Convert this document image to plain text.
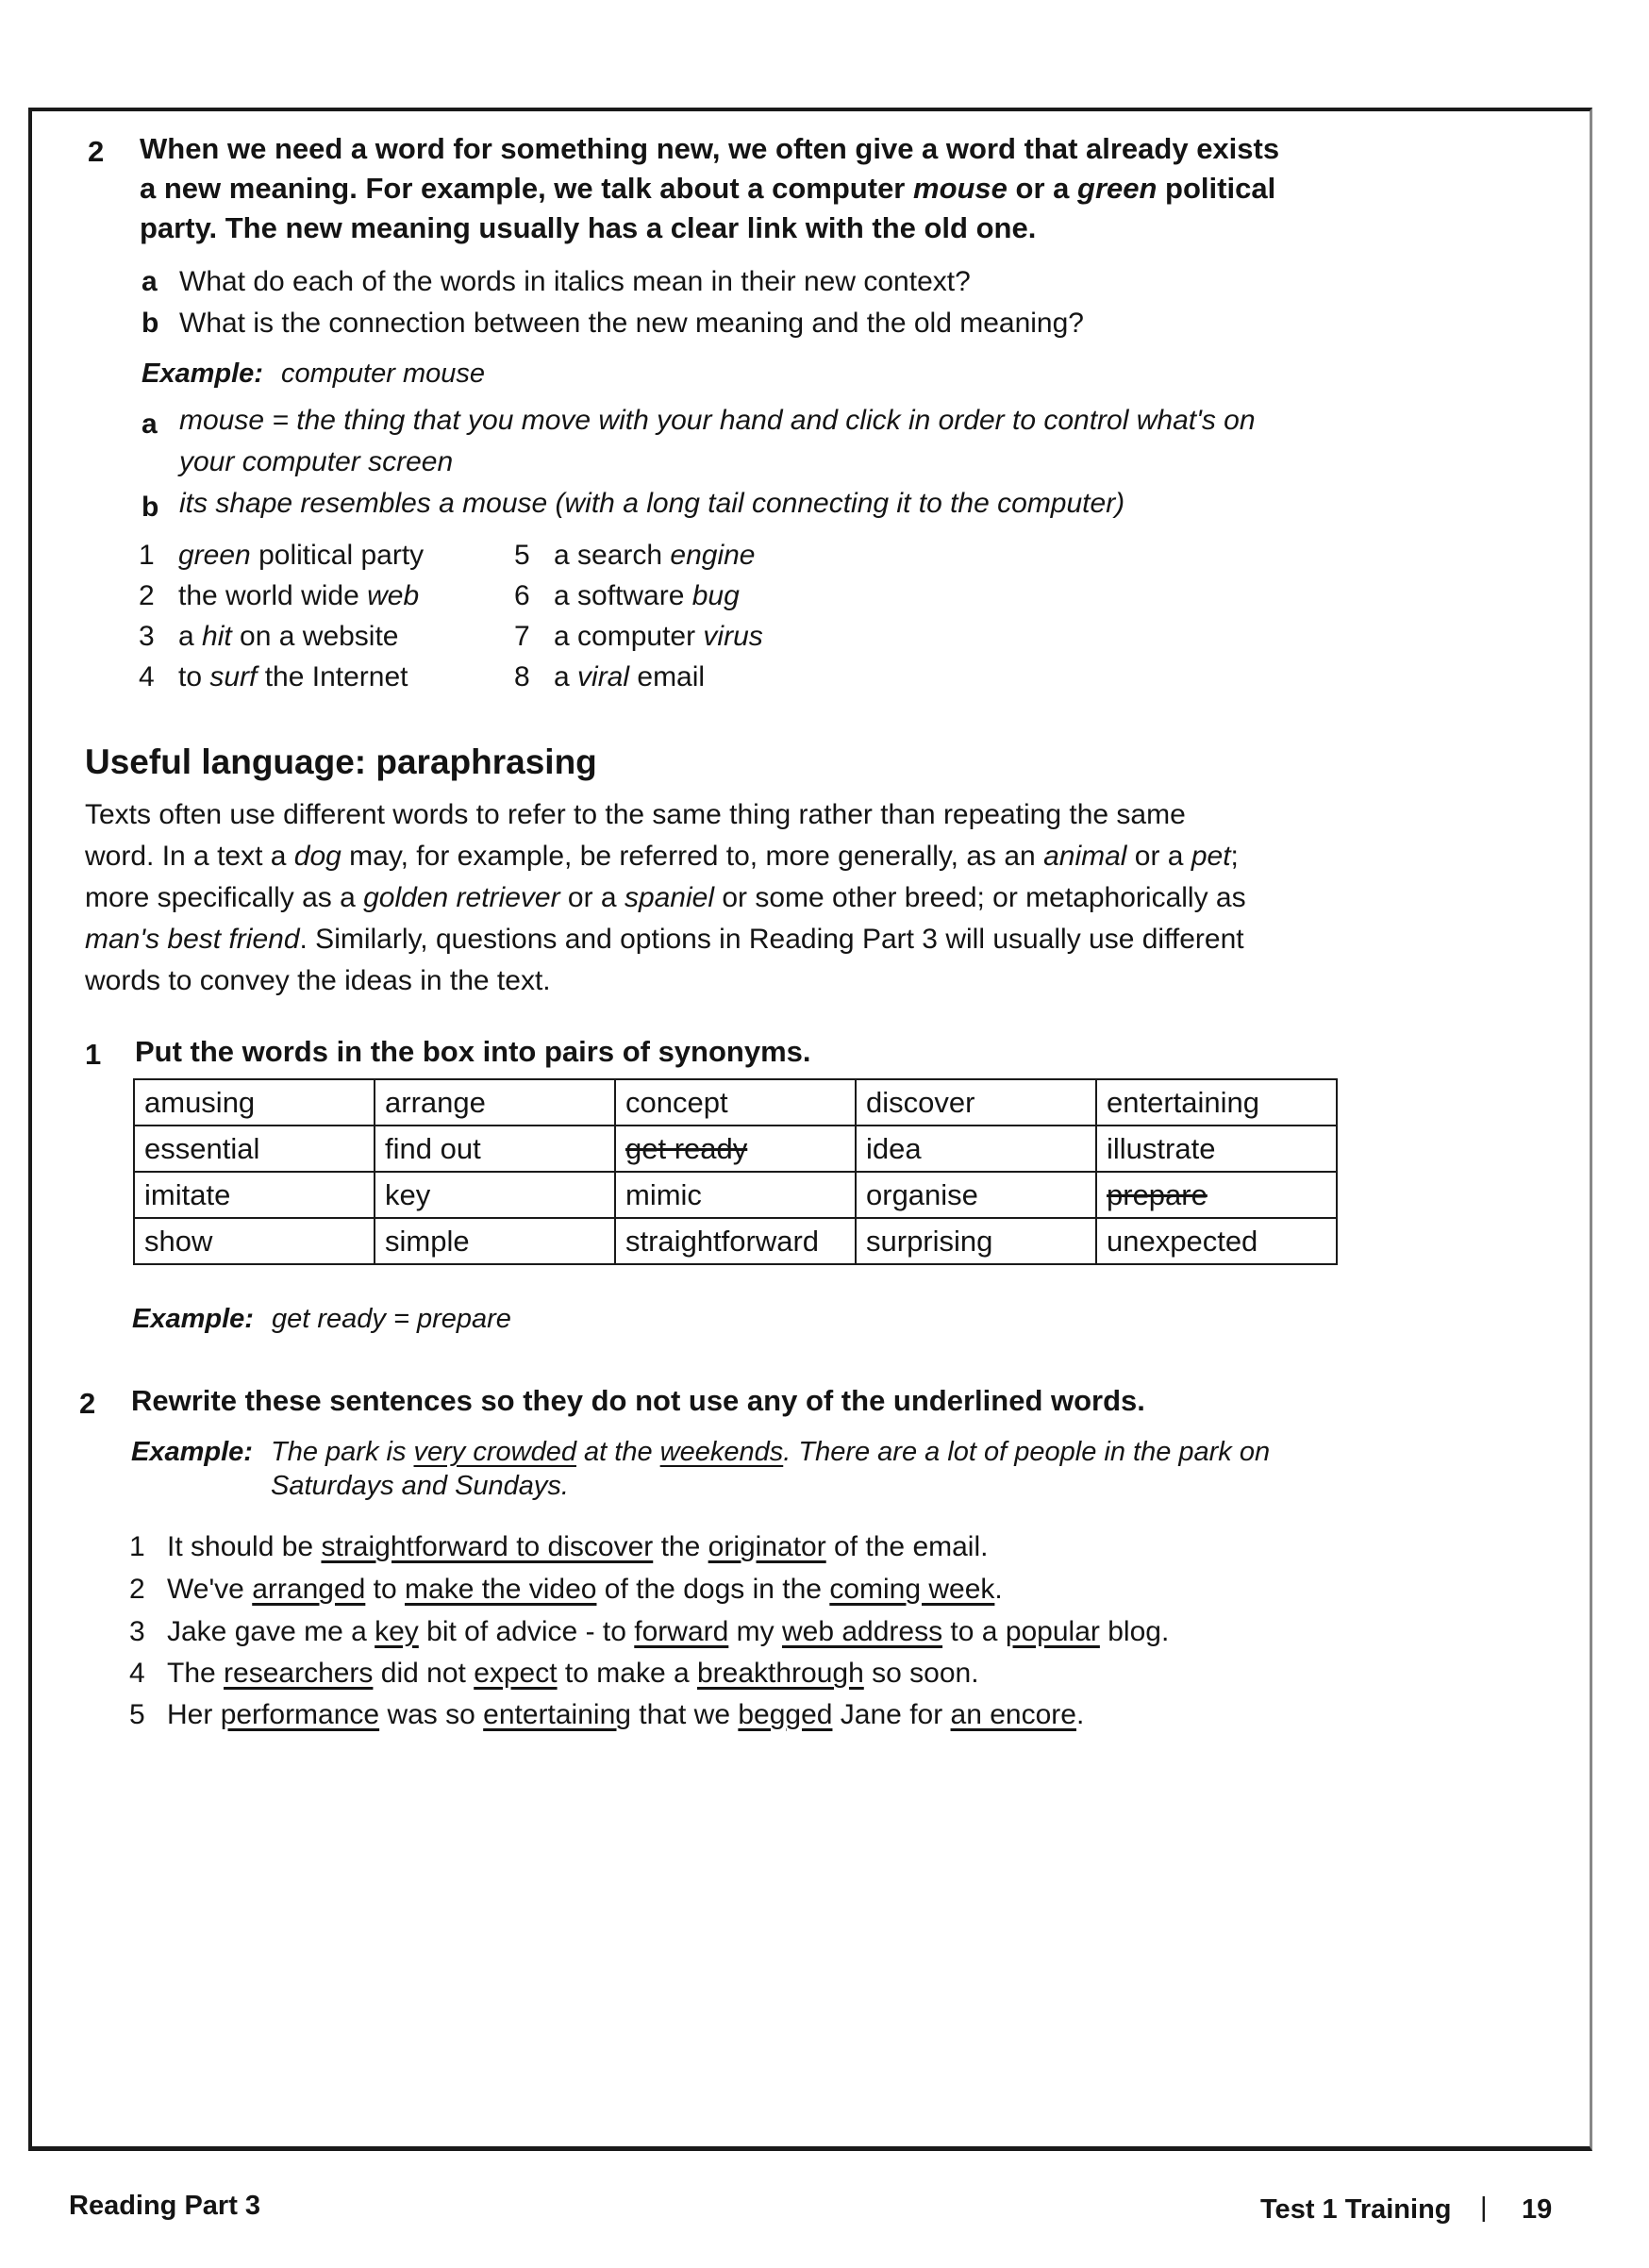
2 When we need a word for something new, we often give a word that already exists
a new meaning. For example, we talk about a computer mouse or a green political
party. The new meaning usually has a clear link with the old one.
a What do each of the words in italics mean in their new context?
b What is the connection between the new meaning and the old meaning?
Example: computer mouse
a mouse = the thing that you move with your hand and click in order to control what's on your computer screen
b its shape resembles a mouse (with a long tail connecting it to the computer)
1 green political party
2 the world wide web
3 a hit on a website
4 to surf the Internet
5 a search engine
6 a software bug
7 a computer virus
8 a viral email
Useful language: paraphrasing
Texts often use different words to refer to the same thing rather than repeating the same
word. In a text a dog may, for example, be referred to, more generally, as an animal or a pet;
more specifically as a golden retriever or a spaniel or some other breed; or metaphorically as
man's best friend. Similarly, questions and options in Reading Part 3 will usually use different
words to convey the ideas in the text.
1 Put the words in the box into pairs of synonyms.
amusing	arrange	concept	discover	entertaining
essential	find out	get ready	idea	illustrate
imitate	key	mimic	organise	prepare
show	simple	straightforward	surprising	unexpected
Example: get ready = prepare
2 Rewrite these sentences so they do not use any of the underlined words.
Example: The park is very crowded at the weekends. There are a lot of people in the park on
Saturdays and Sundays.
1 It should be straightforward to discover the originator of the email.
2 We've arranged to make the video of the dogs in the coming week.
3 Jake gave me a key bit of advice - to forward my web address to a popular blog.
4 The researchers did not expect to make a breakthrough so soon.
5 Her performance was so entertaining that we begged Jane for an encore.
Reading Part 3	Test 1 Training | 19
